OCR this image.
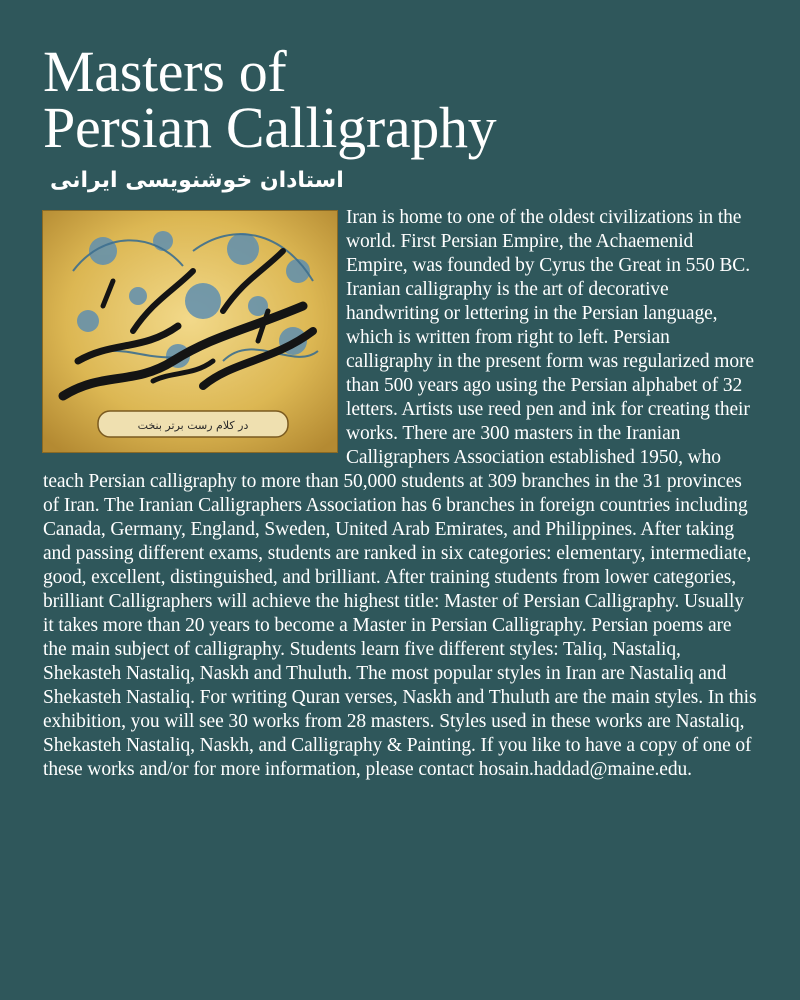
Masters of
Persian Calligraphy
استادان خوشنویسی ایرانی
در کلام رست برتر بنخت

Iran is home to one of the oldest civilizations in the world. First Persian Empire, the Achaemenid Empire, was founded by Cyrus the Great in 550 BC. Iranian calligraphy is the art of decorative handwriting or lettering in the Persian language, which is written from right to left. Persian calligraphy in the present form was regularized more than 500 years ago using the Persian alphabet of 32 letters. Artists use reed pen and ink for creating their works. There are 300 masters in the Iranian Calligraphers Association established 1950, who teach Persian calligraphy to more than 50,000 students at 309 branches in the 31 provinces of Iran. The Iranian Calligraphers Association has 6 branches in foreign countries including Canada, Germany, England, Sweden, United Arab Emirates, and Philippines. After taking and passing different exams, students are ranked in six categories: elementary, intermediate, good, excellent, distinguished, and brilliant. After training students from lower categories, brilliant Calligraphers will achieve the highest title: Master of Persian Calligraphy. Usually it takes more than 20 years to become a Master in Persian Calligraphy. Persian poems are the main subject of calligraphy. Students learn five different styles: Taliq, Nastaliq, Shekasteh Nastaliq, Naskh and Thuluth. The most popular styles in Iran are Nastaliq and Shekasteh Nastaliq. For writing Quran verses, Naskh and Thuluth are the main styles. In this exhibition, you will see 30 works from 28 masters. Styles used in these works are Nastaliq, Shekasteh Nastaliq, Naskh, and Calligraphy & Painting. If you like to have a copy of one of these works and/or for more information, please contact hosain.haddad@maine.edu.
